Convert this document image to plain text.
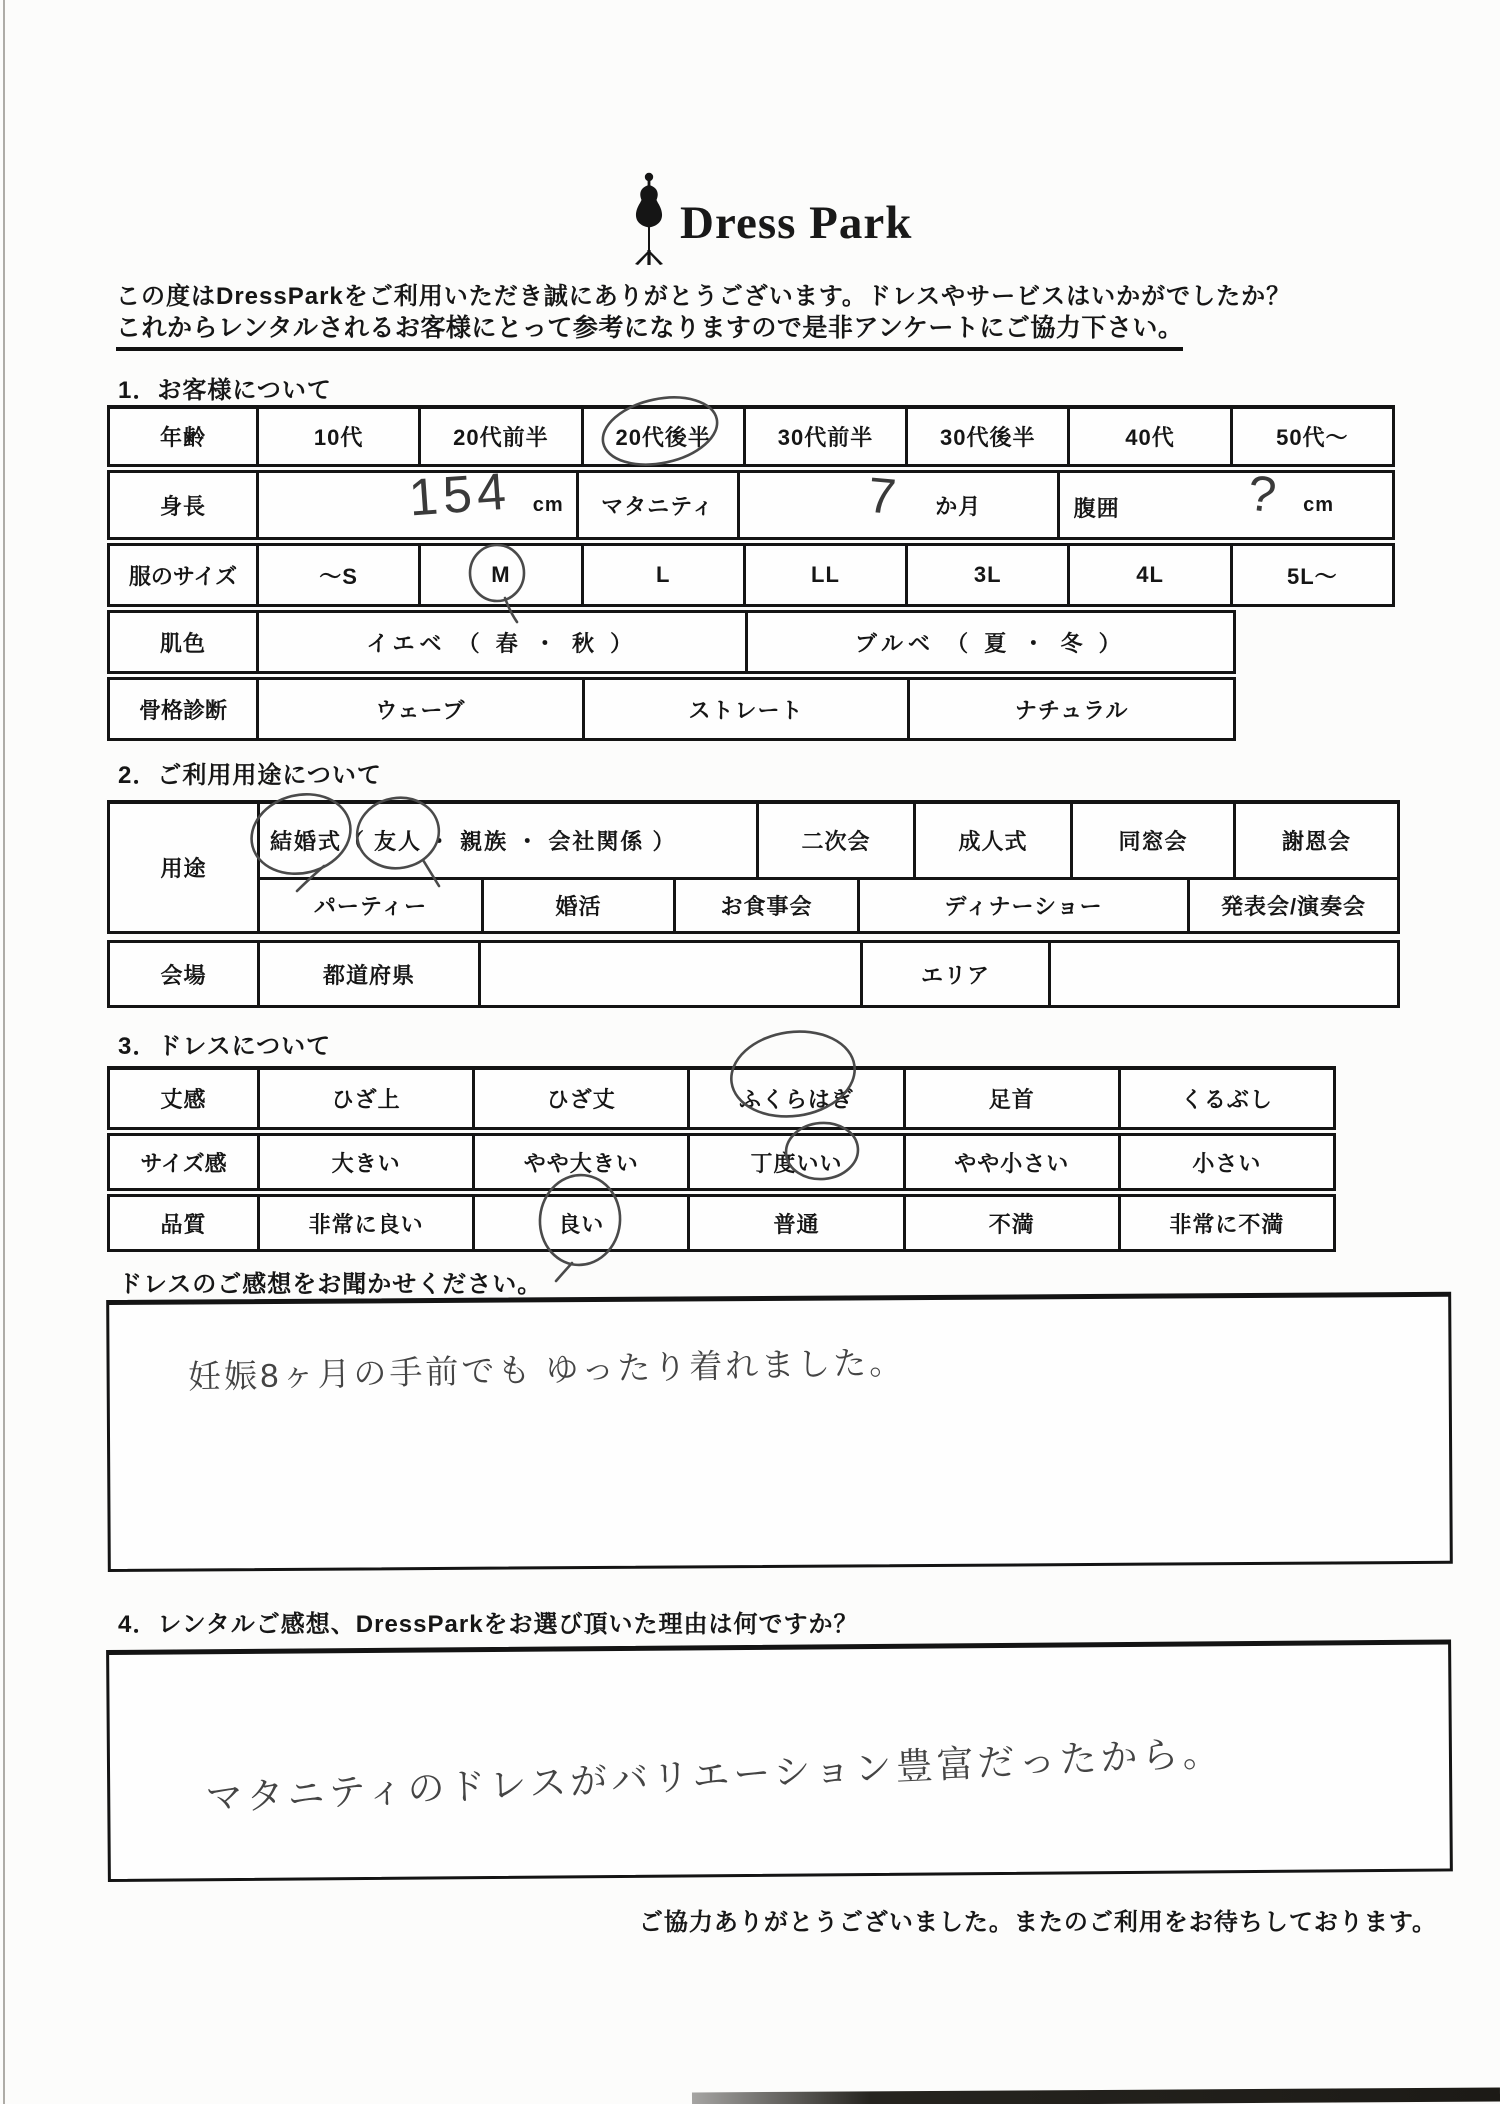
Dress Park
この度はDressParkをご利用いただき誠にありがとうございます。ドレスやサービスはいかがでしたか？
これからレンタルされるお客様にとって参考になりますので是非アンケートにご協力下さい。
1．お客様について
年齢	10代	20代前半	20代後半	30代前半	30代後半	40代	50代～
身長	154 cm	マタニティ	7 か月	腹囲 ? cm
服のサイズ	～S	M	L	LL	3L	4L	5L～
肌色	イエベ （ 春 ・ 秋 ）	ブルベ （ 夏 ・ 冬 ）
骨格診断	ウェーブ	ストレート	ナチュラル
2．ご利用用途について
用途
結婚式 （ 友人 ・ 親族 ・ 会社関係 ）	二次会	成人式	同窓会	謝恩会
パーティー	婚活	お食事会	ディナーショー	発表会/演奏会
会場	都道府県	エリア
3．ドレスについて
丈感	ひざ上	ひざ丈	ふくらはぎ	足首	くるぶし
サイズ感	大きい	やや大きい	丁度いい	やや小さい	小さい
品質	非常に良い	良い	普通	不満	非常に不満
ドレスのご感想をお聞かせください。
妊娠8ヶ月の手前でも ゆったり着れました。
4．レンタルご感想、DressParkをお選び頂いた理由は何ですか？
マタニティのドレスがバリエーション豊富だったから。
ご協力ありがとうございました。またのご利用をお待ちしております。
